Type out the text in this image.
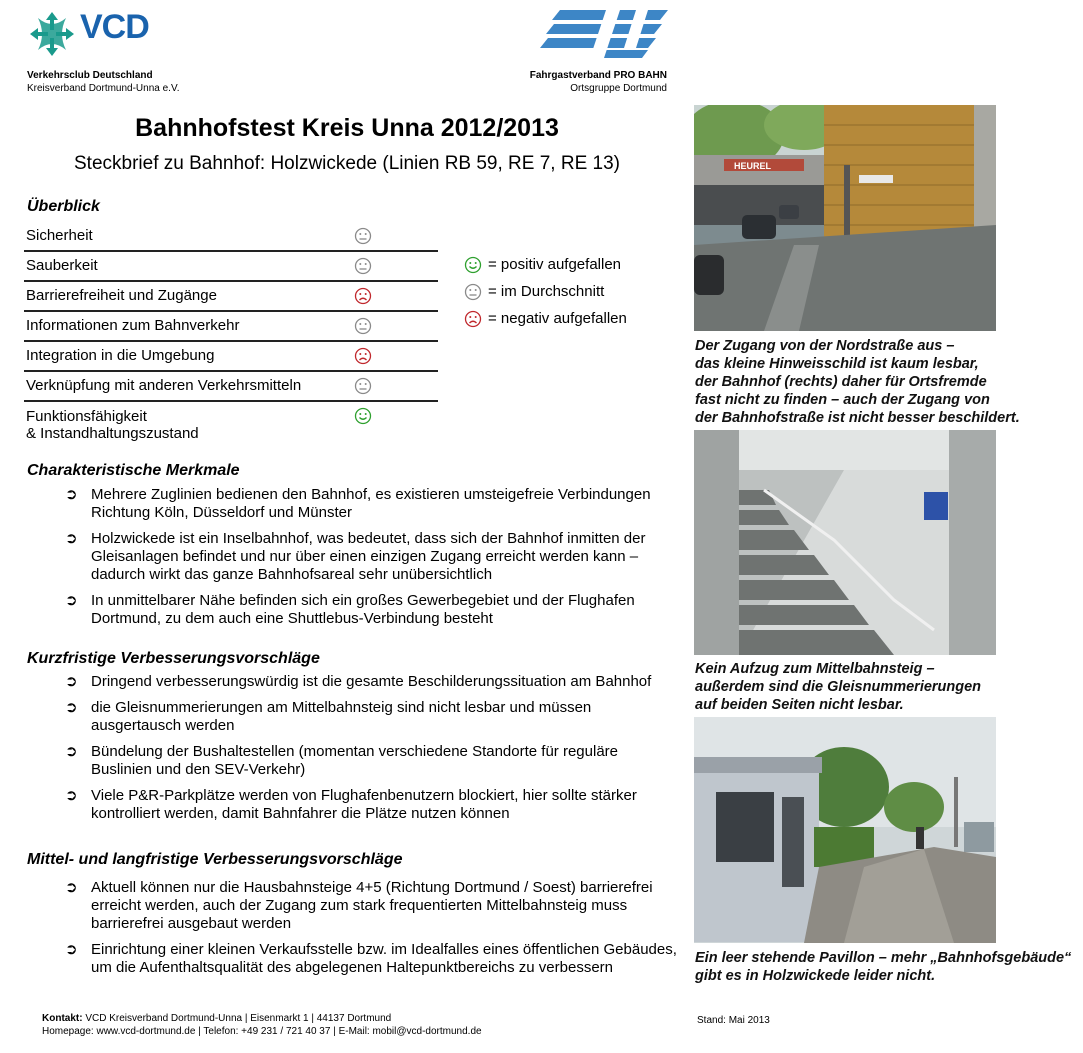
VCD
Verkehrsclub Deutschland
Kreisverband Dortmund-Unna e.V.
Fahrgastverband PRO BAHN
Ortsgruppe Dortmund
Bahnhofstest Kreis Unna 2012/2013
Steckbrief zu Bahnhof: Holzwickede (Linien RB 59, RE 7, RE 13)
Überblick
Sicherheit
Sauberkeit
Barrierefreiheit und Zugänge
Informationen zum Bahnverkehr
Integration in die Umgebung
Verknüpfung mit anderen Verkehrsmitteln
Funktionsfähigkeit
& Instandhaltungszustand
= positiv aufgefallen
= im Durchschnitt
= negativ aufgefallen
Charakteristische Merkmale
➲ Mehrere Zuglinien bedienen den Bahnhof, es existieren umsteigefreie Verbindungen Richtung Köln, Düsseldorf und Münster
➲ Holzwickede ist ein Inselbahnhof, was bedeutet, dass sich der Bahnhof inmitten der Gleisanlagen befindet und nur über einen einzigen Zugang erreicht werden kann – dadurch wirkt das ganze Bahnhofsareal sehr unübersichtlich
➲ In unmittelbarer Nähe befinden sich ein großes Gewerbegebiet und der Flughafen Dortmund, zu dem auch eine Shuttlebus-Verbindung besteht
Kurzfristige Verbesserungsvorschläge
➲ Dringend verbesserungswürdig ist die gesamte Beschilderungssituation am Bahnhof
➲ die Gleisnummerierungen am Mittelbahnsteig sind nicht lesbar und müssen ausgertausch werden
➲ Bündelung der Bushaltestellen (momentan verschiedene Standorte für reguläre Buslinien und den SEV-Verkehr)
➲ Viele P&R-Parkplätze werden von Flughafenbenutzern blockiert, hier sollte stärker kontrolliert werden, damit Bahnfahrer die Plätze nutzen können
Mittel- und langfristige Verbesserungsvorschläge
➲ Aktuell können nur die Hausbahnsteige 4+5 (Richtung Dortmund / Soest) barrierefrei erreicht werden, auch der Zugang zum stark frequentierten Mittelbahnsteig muss barrierefrei ausgebaut werden
➲ Einrichtung einer kleinen Verkaufsstelle bzw. im Idealfalles eines öffentlichen Gebäudes, um die Aufenthaltsqualität des abgelegenen Haltepunktbereichs zu verbessern
HEUREL
Der Zugang von der Nordstraße aus –
das kleine Hinweisschild ist kaum lesbar,
der Bahnhof (rechts) daher für Ortsfremde
fast nicht zu finden – auch der Zugang von
der Bahnhofstraße ist nicht besser beschildert.
Kein Aufzug zum Mittelbahnsteig –
außerdem sind die Gleisnummerierungen
auf beiden Seiten nicht lesbar.
Ein leer stehende Pavillon – mehr „Bahnhofsgebäude“
gibt es in Holzwickede leider nicht.
Kontakt: VCD Kreisverband Dortmund-Unna | Eisenmarkt 1 | 44137 Dortmund
Homepage: www.vcd-dortmund.de | Telefon: +49 231 / 721 40 37 | E-Mail: mobil@vcd-dortmund.de
Stand: Mai 2013
